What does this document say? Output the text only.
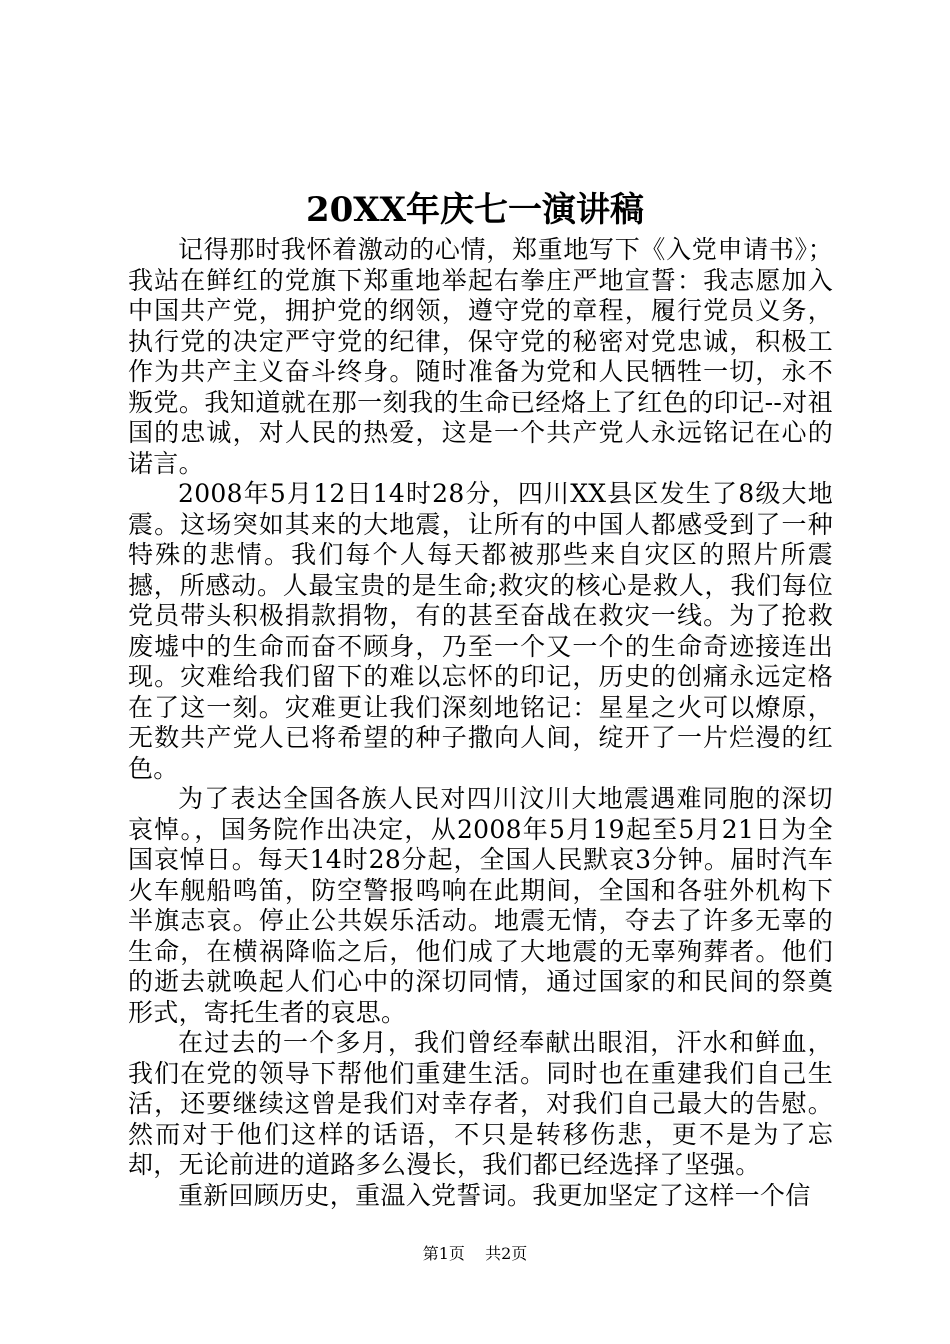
20XX年庆七一演讲稿

记得那时我怀着激动的心情，郑重地写下《入党申请书》；我站在鲜红的党旗下郑重地举起右拳庄严地宣誓：我志愿加入中国共产党，拥护党的纲领，遵守党的章程，履行党员义务，执行党的决定严守党的纪律，保守党的秘密对党忠诚，积极工作为共产主义奋斗终身。随时准备为党和人民牺牲一切，永不叛党。我知道就在那一刻我的生命已经烙上了红色的印记--对祖国的忠诚，对人民的热爱，这是一个共产党人永远铭记在心的诺言。

2008年5月12日14时28分，四川XX县区发生了8级大地震。这场突如其来的大地震，让所有的中国人都感受到了一种特殊的悲情。我们每个人每天都被那些来自灾区的照片所震撼，所感动。人最宝贵的是生命;救灾的核心是救人，我们每位党员带头积极捐款捐物，有的甚至奋战在救灾一线。为了抢救废墟中的生命而奋不顾身，乃至一个又一个的生命奇迹接连出现。灾难给我们留下的难以忘怀的印记，历史的创痛永远定格在了这一刻。灾难更让我们深刻地铭记：星星之火可以燎原，无数共产党人已将希望的种子撒向人间，绽开了一片烂漫的红色。

为了表达全国各族人民对四川汶川大地震遇难同胞的深切哀悼。，国务院作出决定，从2008年5月19起至5月21日为全国哀悼日。每天14时28分起，全国人民默哀3分钟。届时汽车火车舰船鸣笛，防空警报鸣响在此期间，全国和各驻外机构下半旗志哀。停止公共娱乐活动。地震无情，夺去了许多无辜的生命，在横祸降临之后，他们成了大地震的无辜殉葬者。他们的逝去就唤起人们心中的深切同情，通过国家的和民间的祭奠形式，寄托生者的哀思。

在过去的一个多月，我们曾经奉献出眼泪，汗水和鲜血，我们在党的领导下帮他们重建生活。同时也在重建我们自己生活，还要继续这曾是我们对幸存者，对我们自己最大的告慰。然而对于他们这样的话语，不只是转移伤悲，更不是为了忘却，无论前进的道路多么漫长，我们都已经选择了坚强。

重新回顾历史，重温入党誓词。我更加坚定了这样一个信

第1页 共2页
